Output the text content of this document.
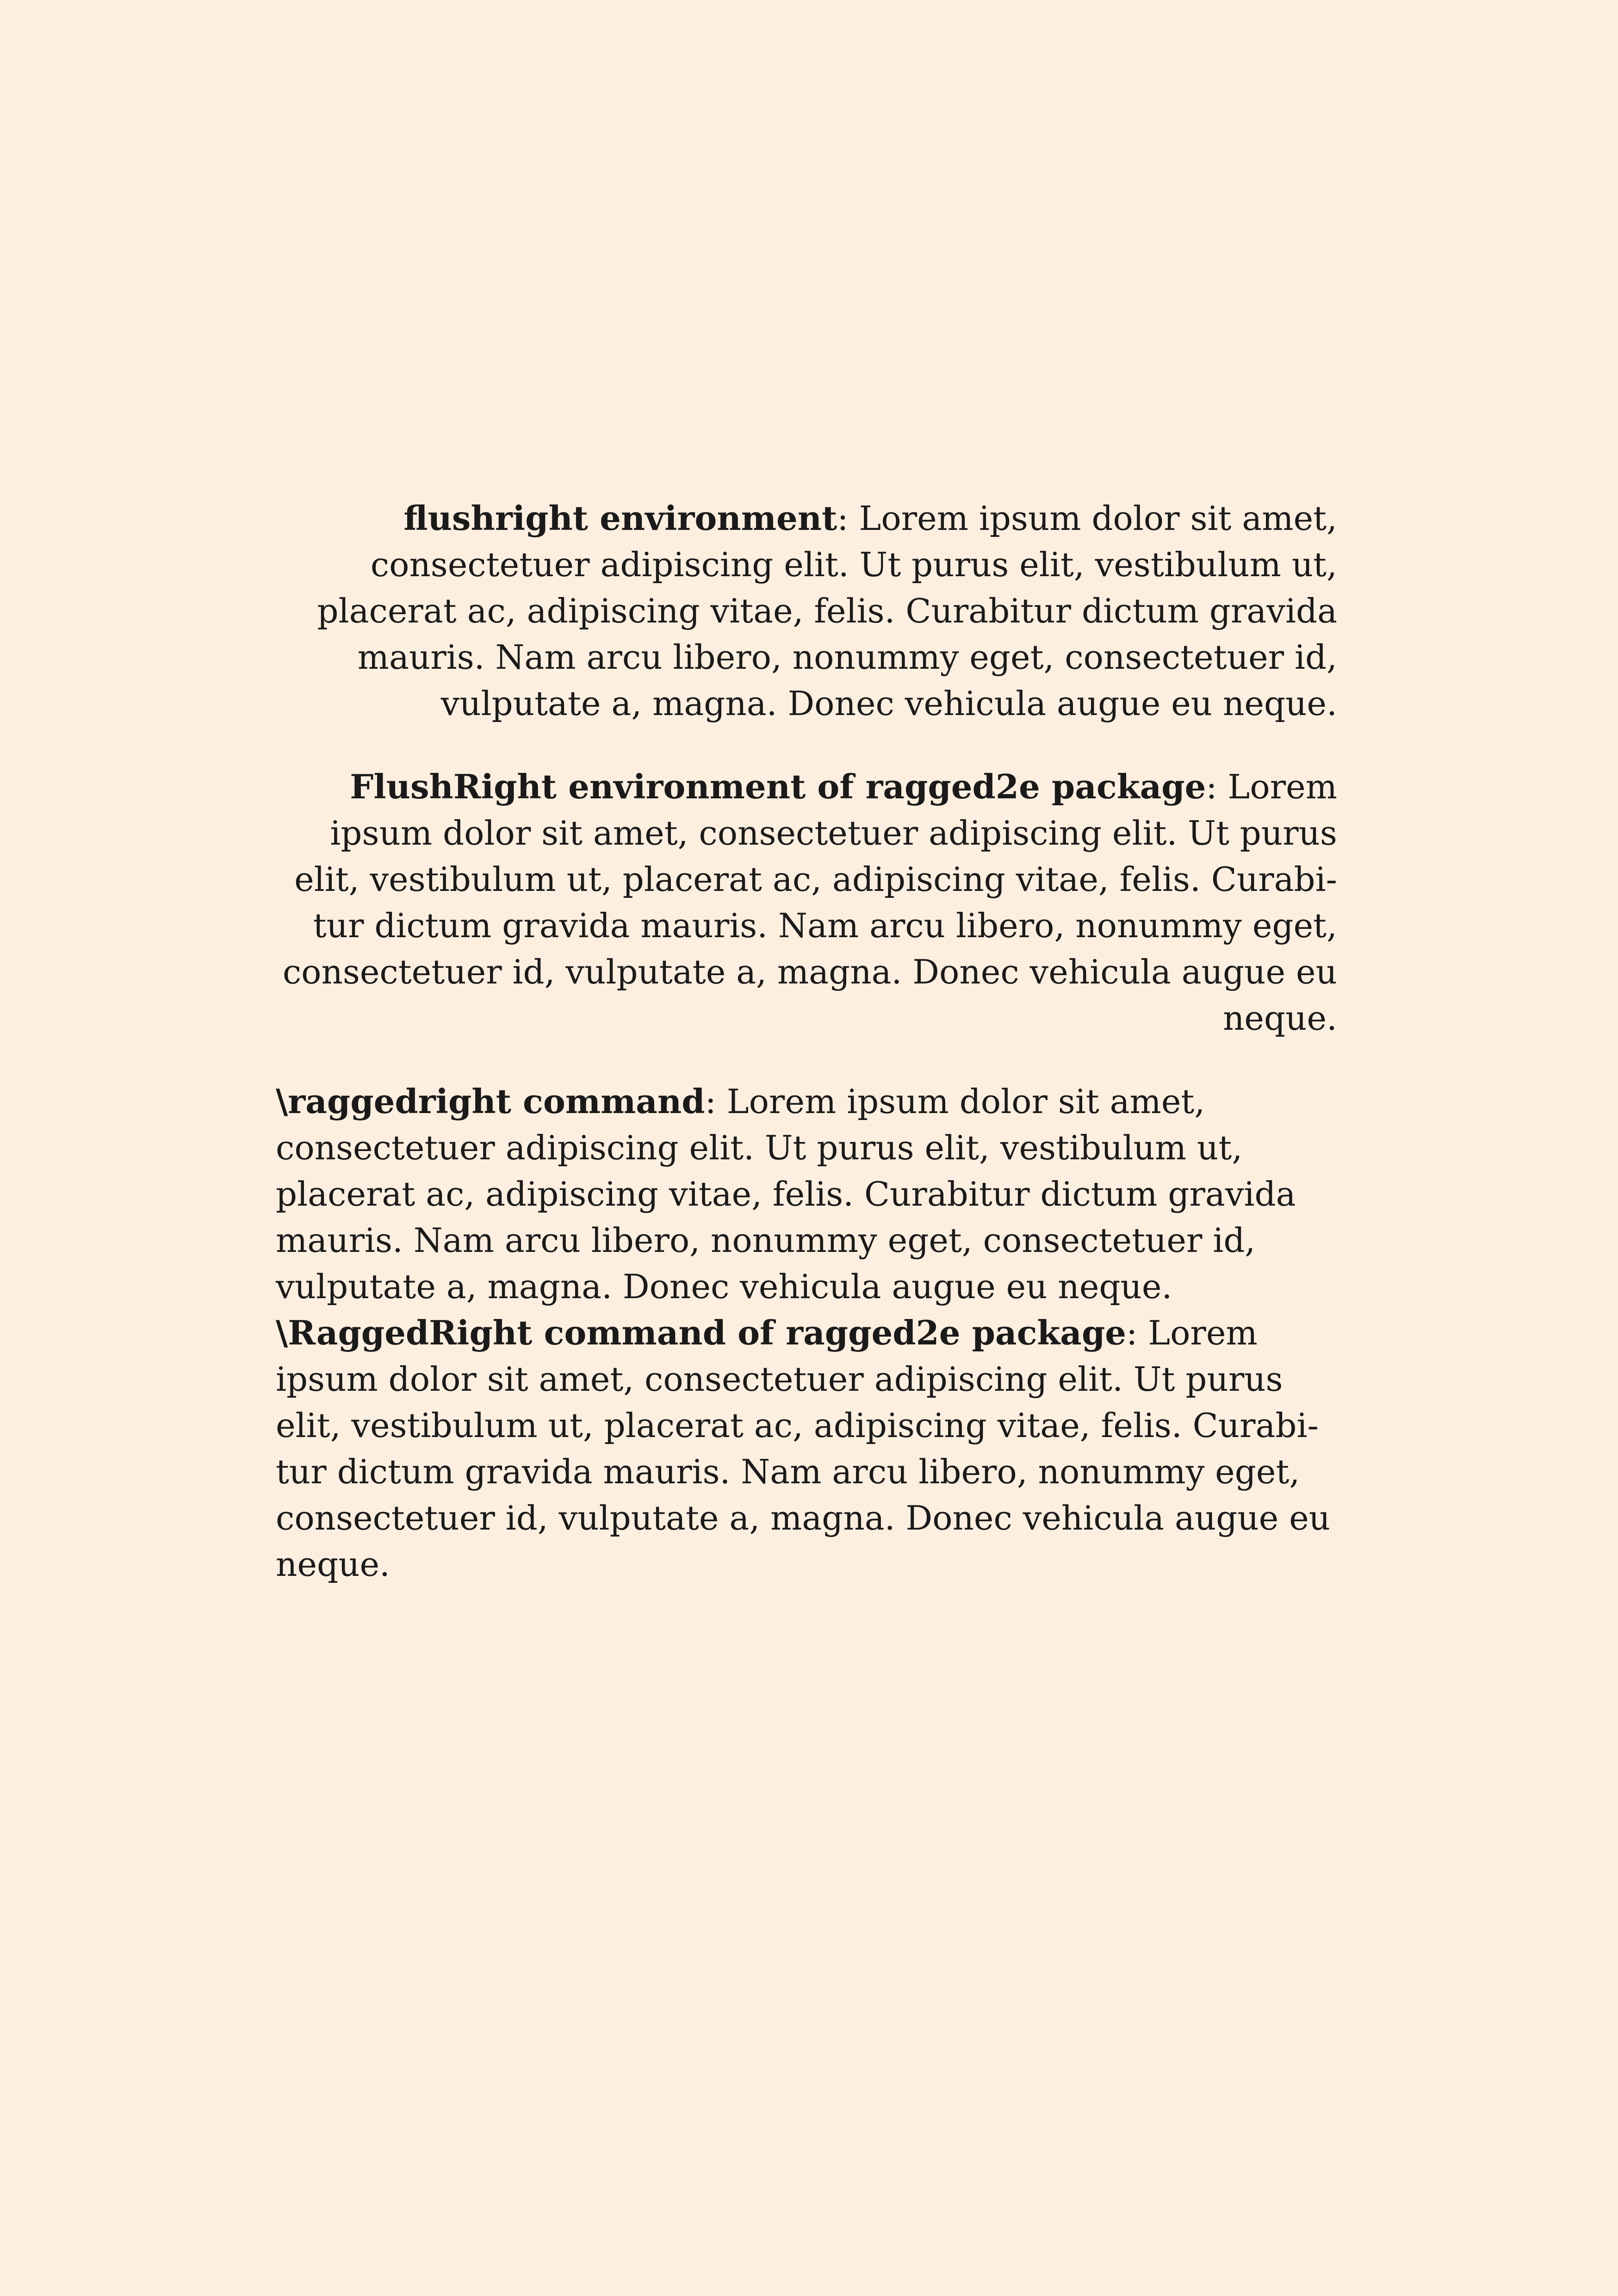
flushright environment: Lorem ipsum dolor sit amet,
consectetuer adipiscing elit. Ut purus elit, vestibulum ut,
placerat ac, adipiscing vitae, felis. Curabitur dictum gravida
mauris. Nam arcu libero, nonummy eget, consectetuer id,
vulputate a, magna. Donec vehicula augue eu neque.

FlushRight environment of ragged2e package: Lorem
ipsum dolor sit amet, consectetuer adipiscing elit. Ut purus
elit, vestibulum ut, placerat ac, adipiscing vitae, felis. Curabi-
tur dictum gravida mauris. Nam arcu libero, nonummy eget,
consectetuer id, vulputate a, magna. Donec vehicula augue eu
neque.

\raggedright command: Lorem ipsum dolor sit amet,
consectetuer adipiscing elit. Ut purus elit, vestibulum ut,
placerat ac, adipiscing vitae, felis. Curabitur dictum gravida
mauris. Nam arcu libero, nonummy eget, consectetuer id,
vulputate a, magna. Donec vehicula augue eu neque.

\RaggedRight command of ragged2e package: Lorem
ipsum dolor sit amet, consectetuer adipiscing elit. Ut purus
elit, vestibulum ut, placerat ac, adipiscing vitae, felis. Curabi-
tur dictum gravida mauris. Nam arcu libero, nonummy eget,
consectetuer id, vulputate a, magna. Donec vehicula augue eu
neque.
